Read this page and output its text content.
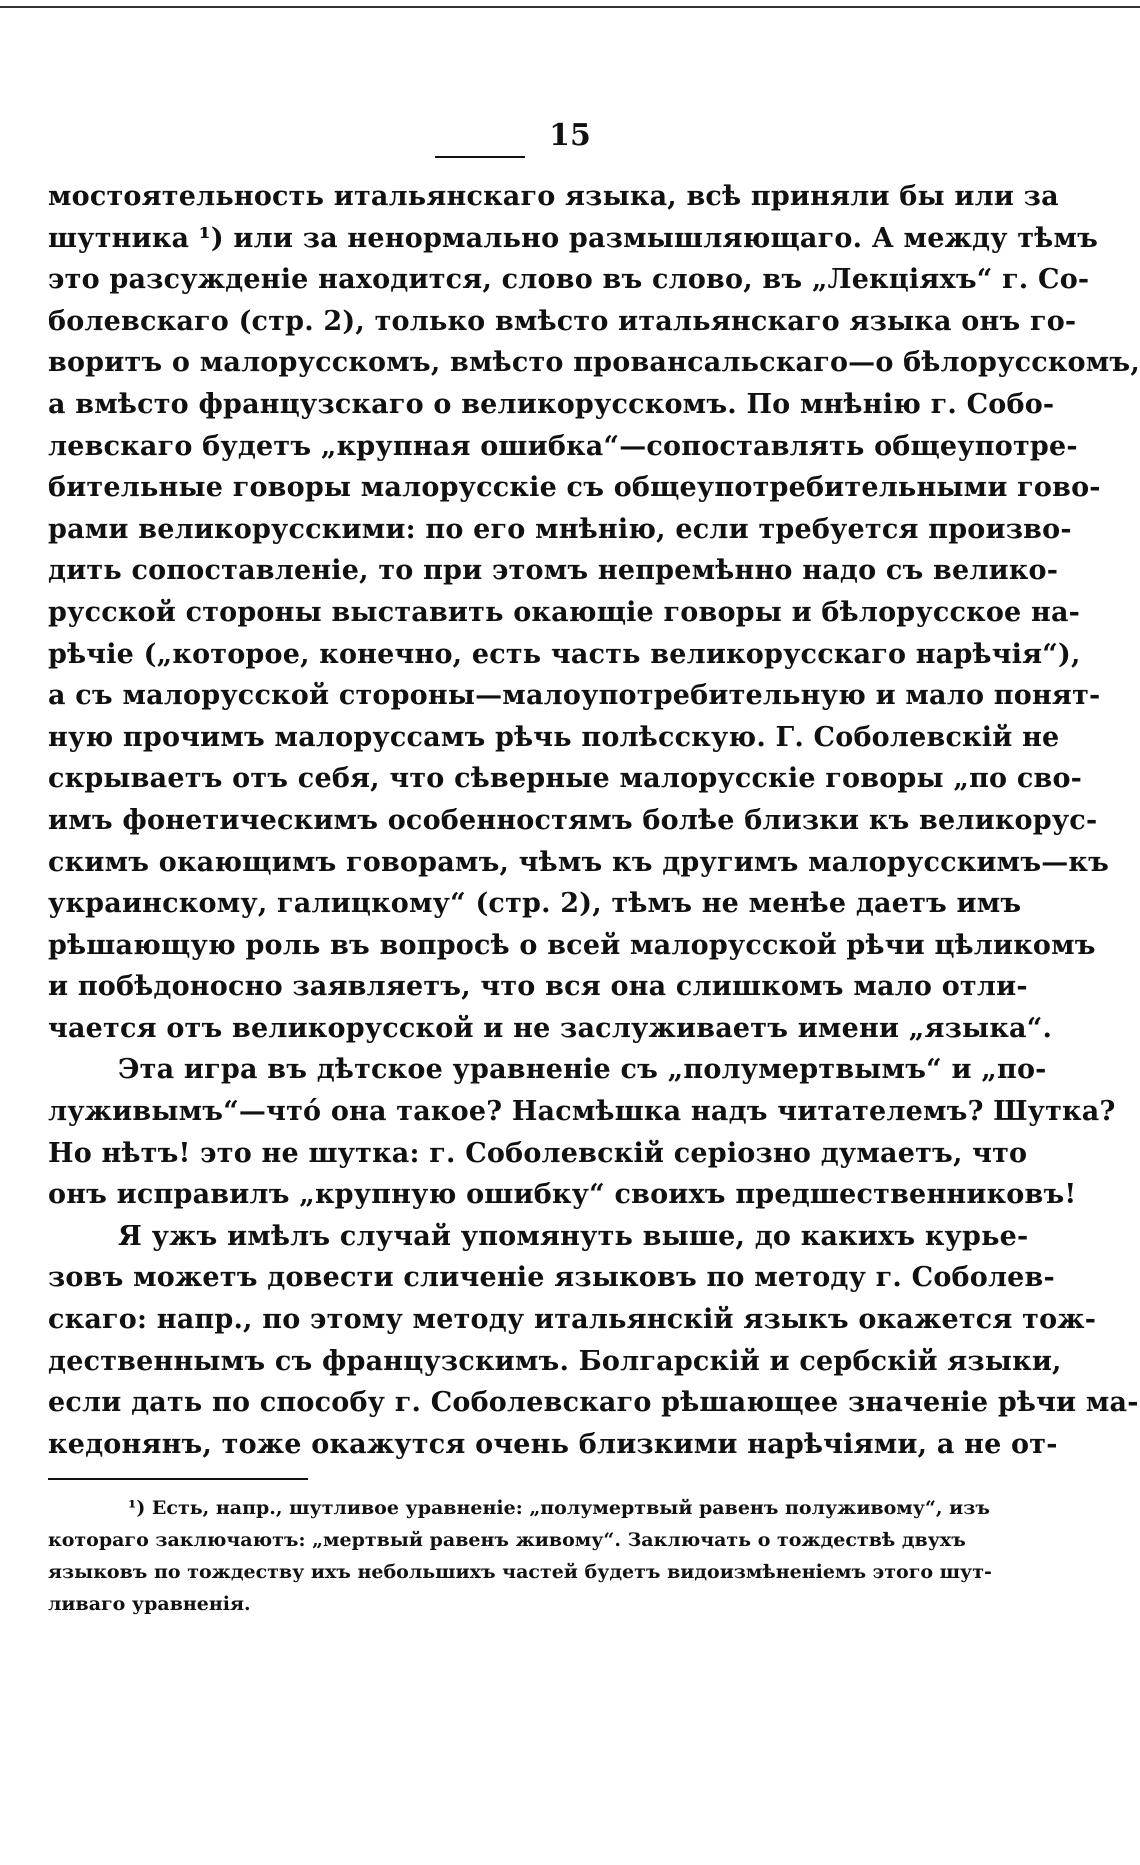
15
мостоятельность итальянскаго языка, всѣ приняли бы или за
шутника ¹) или за ненормально размышляющаго. А между тѣмъ
это разсужденіе находится, слово въ слово, въ „Лекціяхъ“ г. Со-
болевскаго (стр. 2), только вмѣсто итальянскаго языка онъ го-
воритъ о малорусскомъ, вмѣсто провансальскаго—о бѣлорусскомъ,
а вмѣсто французскаго о великорусскомъ. По мнѣнію г. Собо-
левскаго будетъ „крупная ошибка“—сопоставлять общеупотре-
бительные говоры малорусскіе съ общеупотребительными гово-
рами великорусскими: по его мнѣнію, если требуется произво-
дить сопоставленіе, то при этомъ непремѣнно надо съ велико-
русской стороны выставить окающіе говоры и бѣлорусское на-
рѣчіе („которое, конечно, есть часть великорусскаго нарѣчія“),
а съ малорусской стороны—малоупотребительную и мало понят-
ную прочимъ малоруссамъ рѣчь полѣсскую. Г. Соболевскій не
скрываетъ отъ себя, что сѣверные малорусскіе говоры „по сво-
имъ фонетическимъ особенностямъ болѣе близки къ великорус-
скимъ окающимъ говорамъ, чѣмъ къ другимъ малорусскимъ—къ
украинскому, галицкому“ (стр. 2), тѣмъ не менѣе даетъ имъ
рѣшающую роль въ вопросѣ о всей малорусской рѣчи цѣликомъ
и побѣдоносно заявляетъ, что вся она слишкомъ мало отли-
чается отъ великорусской и не заслуживаетъ имени „языка“.
Эта игра въ дѣтское уравненіе съ „полумертвымъ“ и „по-
луживымъ“—что́ она такое? Насмѣшка надъ читателемъ? Шутка?
Но нѣтъ! это не шутка: г. Соболевскій серіозно думаетъ, что
онъ исправилъ „крупную ошибку“ своихъ предшественниковъ!
Я ужъ имѣлъ случай упомянуть выше, до какихъ курье-
зовъ можетъ довести сличеніе языковъ по методу г. Соболев-
скаго: напр., по этому методу итальянскій языкъ окажется тож-
дественнымъ съ французскимъ. Болгарскій и сербскій языки,
если дать по способу г. Соболевскаго рѣшающее значеніе рѣчи ма-
кедонянъ, тоже окажутся очень близкими нарѣчіями, а не от-
¹) Есть, напр., шутливое уравненіе: „полумертвый равенъ полуживому“, изъ
котораго заключаютъ: „мертвый равенъ живому“. Заключать о тождествѣ двухъ
языковъ по тождеству ихъ небольшихъ частей будетъ видоизмѣненіемъ этого шут-
ливаго уравненія.
